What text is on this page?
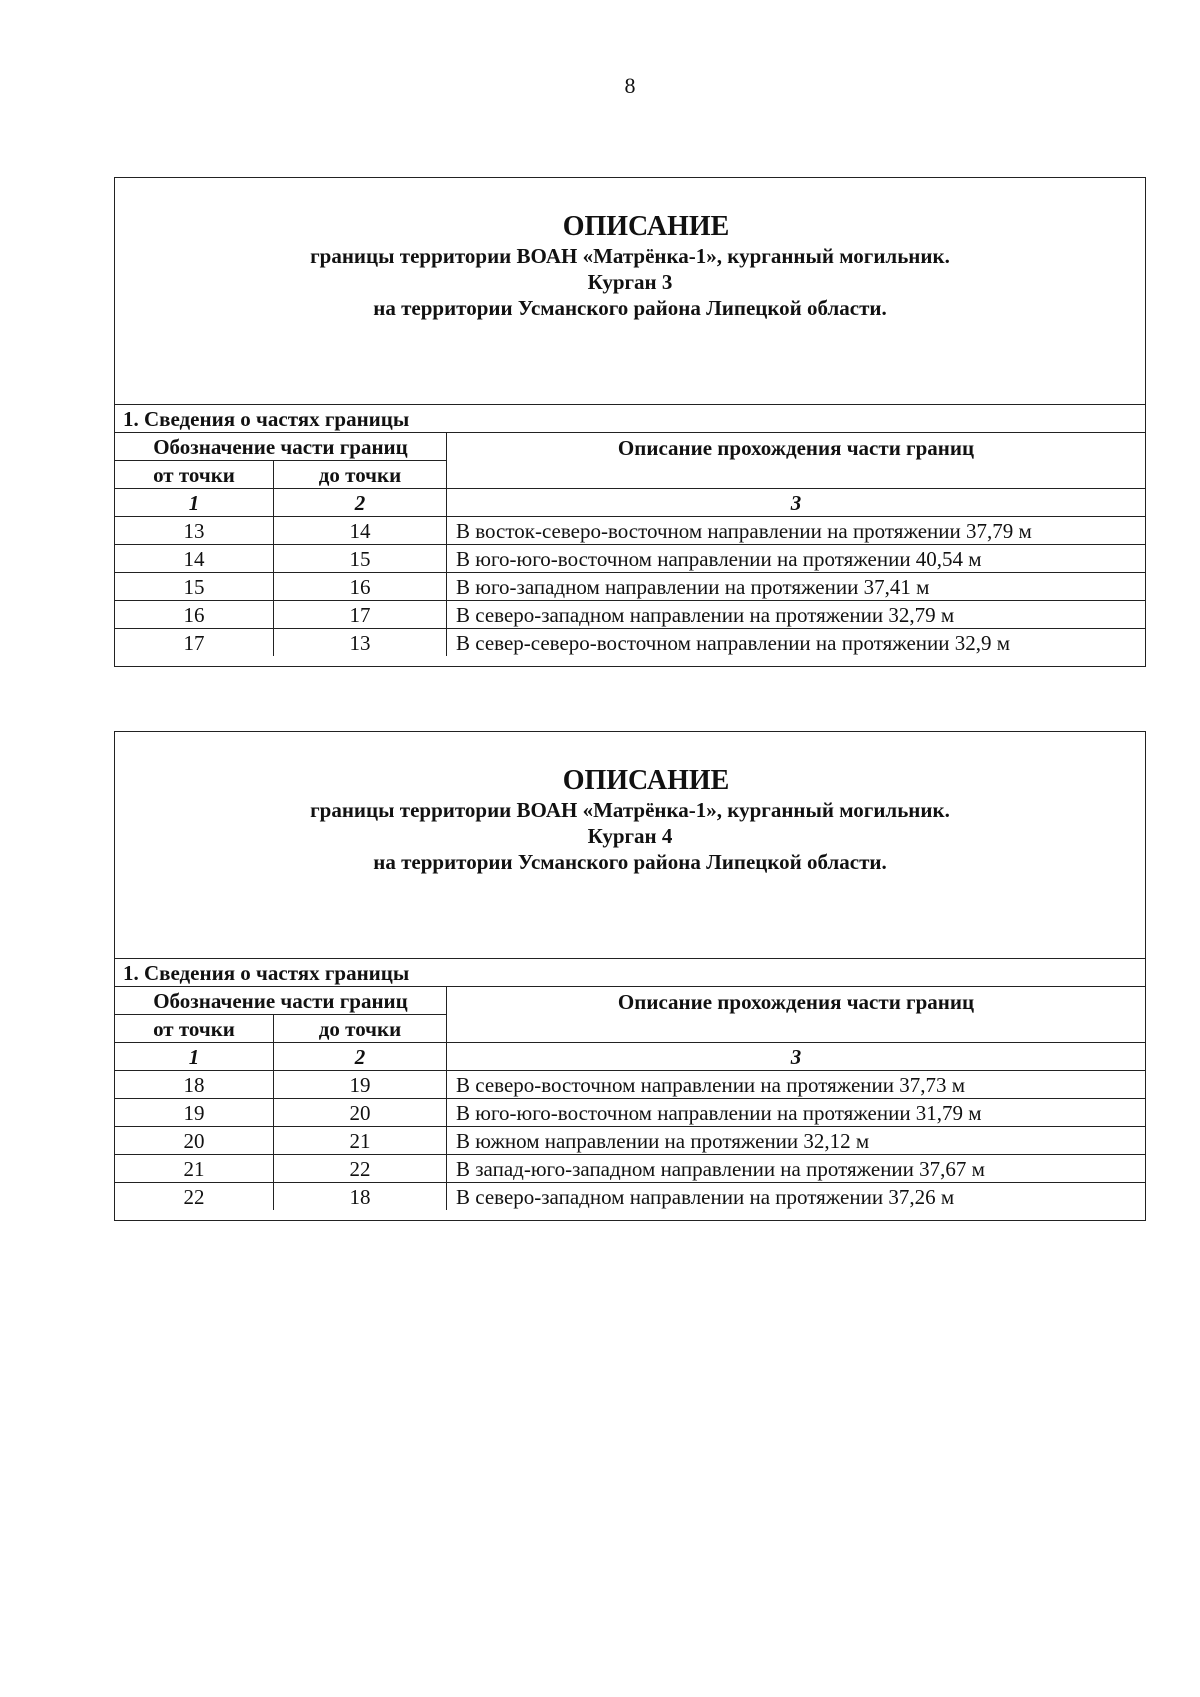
8
ОПИСАНИЕ
границы территории ВОАН «Матрёнка-1», курганный могильник.
Курган 3
на территории Усманского района Липецкой области.
1. Сведения о частях границы		
Обозначение части границ		Описание прохождения части границ
от точки	до точки	
1	2	3
13	14	В восток-северо-восточном направлении на протяжении 37,79 м
14	15	В юго-юго-восточном направлении на протяжении 40,54 м
15	16	В юго-западном направлении на протяжении 37,41 м
16	17	В северо-западном направлении на протяжении 32,79 м
17	13	В север-северо-восточном направлении на протяжении 32,9 м
ОПИСАНИЕ
границы территории ВОАН «Матрёнка-1», курганный могильник.
Курган 4
на территории Усманского района Липецкой области.
1. Сведения о частях границы		
Обозначение части границ		Описание прохождения части границ
от точки	до точки	
1	2	3
18	19	В северо-восточном направлении на протяжении 37,73 м
19	20	В юго-юго-восточном направлении на протяжении 31,79 м
20	21	В южном направлении на протяжении 32,12 м
21	22	В запад-юго-западном направлении на протяжении 37,67 м
22	18	В северо-западном направлении на протяжении 37,26 м
